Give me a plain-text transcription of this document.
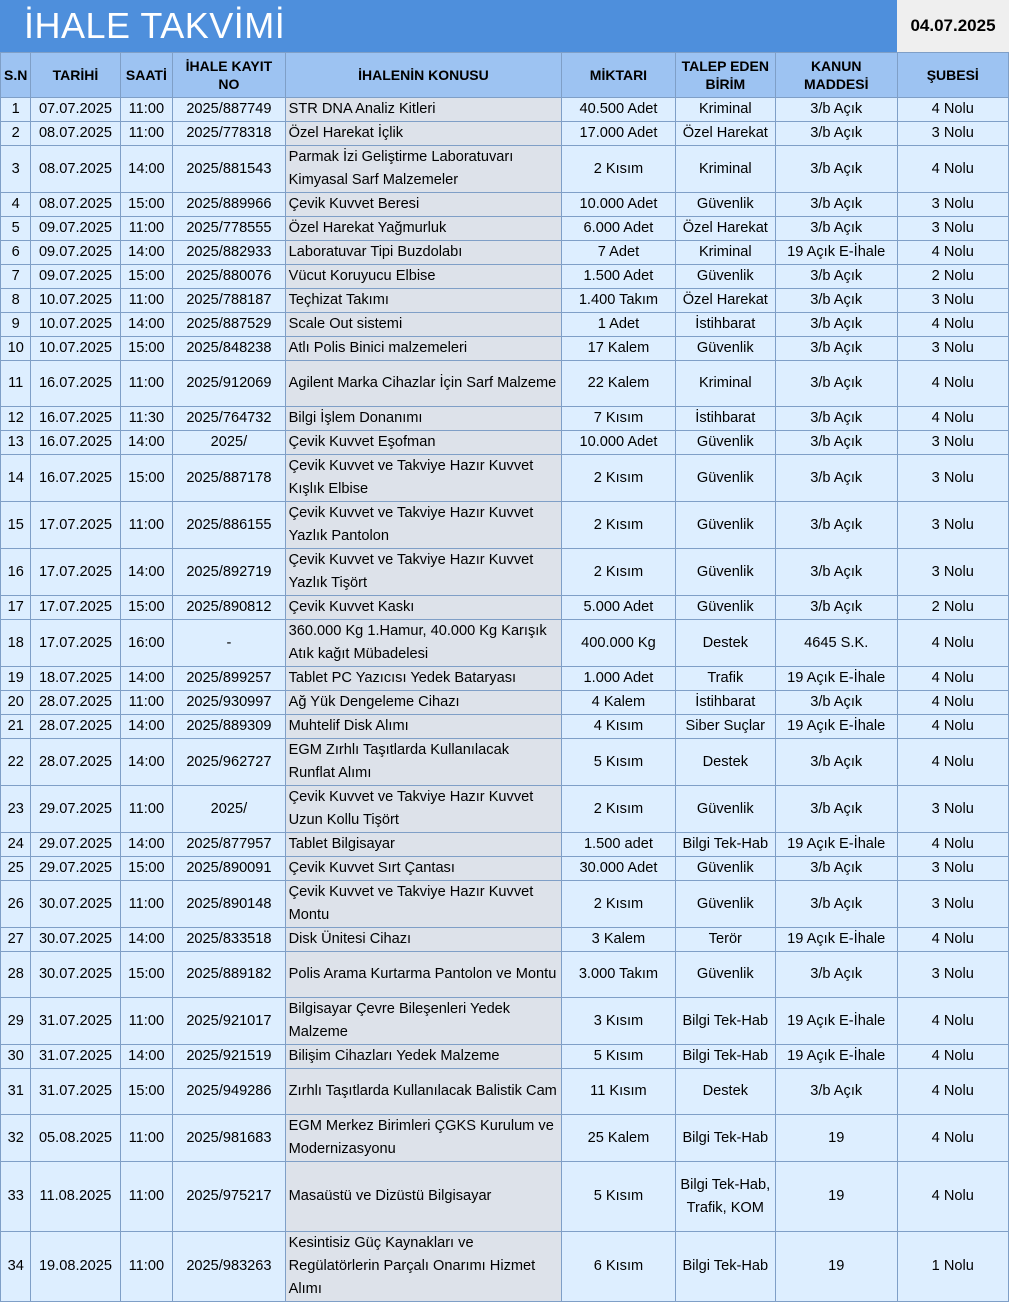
İHALE TAKVİMİ	04.07.2025
S.N	TARİHİ	SAATİ	İHALE KAYIT NO	İHALENİN KONUSU	MİKTARI	TALEP EDEN BİRİM	KANUN MADDESİ	ŞUBESİ
1	07.07.2025	11:00	2025/887749	STR DNA Analiz Kitleri	40.500 Adet	Kriminal	3/b Açık	4 Nolu
2	08.07.2025	11:00	2025/778318	Özel Harekat İçlik	17.000 Adet	Özel Harekat	3/b Açık	3 Nolu
3	08.07.2025	14:00	2025/881543	Parmak İzi Geliştirme Laboratuvarı Kimyasal Sarf Malzemeler	2 Kısım	Kriminal	3/b Açık	4 Nolu
4	08.07.2025	15:00	2025/889966	Çevik Kuvvet Beresi	10.000 Adet	Güvenlik	3/b Açık	3 Nolu
5	09.07.2025	11:00	2025/778555	Özel Harekat Yağmurluk	6.000 Adet	Özel Harekat	3/b Açık	3 Nolu
6	09.07.2025	14:00	2025/882933	Laboratuvar Tipi Buzdolabı	7 Adet	Kriminal	19 Açık E-İhale	4 Nolu
7	09.07.2025	15:00	2025/880076	Vücut Koruyucu Elbise	1.500 Adet	Güvenlik	3/b Açık	2 Nolu
8	10.07.2025	11:00	2025/788187	Teçhizat Takımı	1.400 Takım	Özel Harekat	3/b Açık	3 Nolu
9	10.07.2025	14:00	2025/887529	Scale Out sistemi	1 Adet	İstihbarat	3/b Açık	4 Nolu
10	10.07.2025	15:00	2025/848238	Atlı Polis Binici malzemeleri	17 Kalem	Güvenlik	3/b Açık	3 Nolu
11	16.07.2025	11:00	2025/912069	Agilent Marka Cihazlar İçin Sarf Malzeme	22 Kalem	Kriminal	3/b Açık	4 Nolu
12	16.07.2025	11:30	2025/764732	Bilgi İşlem Donanımı	7 Kısım	İstihbarat	3/b Açık	4 Nolu
13	16.07.2025	14:00	2025/	Çevik Kuvvet Eşofman	10.000 Adet	Güvenlik	3/b Açık	3 Nolu
14	16.07.2025	15:00	2025/887178	Çevik Kuvvet ve Takviye Hazır Kuvvet Kışlık Elbise	2 Kısım	Güvenlik	3/b Açık	3 Nolu
15	17.07.2025	11:00	2025/886155	Çevik Kuvvet ve Takviye Hazır Kuvvet Yazlık Pantolon	2 Kısım	Güvenlik	3/b Açık	3 Nolu
16	17.07.2025	14:00	2025/892719	Çevik Kuvvet ve Takviye Hazır Kuvvet Yazlık Tişört	2 Kısım	Güvenlik	3/b Açık	3 Nolu
17	17.07.2025	15:00	2025/890812	Çevik Kuvvet Kaskı	5.000 Adet	Güvenlik	3/b Açık	2 Nolu
18	17.07.2025	16:00	-	360.000 Kg 1.Hamur, 40.000 Kg Karışık Atık kağıt Mübadelesi	400.000 Kg	Destek	4645 S.K.	4 Nolu
19	18.07.2025	14:00	2025/899257	Tablet PC Yazıcısı Yedek Bataryası	1.000 Adet	Trafik	19 Açık E-İhale	4 Nolu
20	28.07.2025	11:00	2025/930997	Ağ Yük Dengeleme Cihazı	4 Kalem	İstihbarat	3/b Açık	4 Nolu
21	28.07.2025	14:00	2025/889309	Muhtelif Disk Alımı	4 Kısım	Siber Suçlar	19 Açık E-İhale	4 Nolu
22	28.07.2025	14:00	2025/962727	EGM Zırhlı Taşıtlarda Kullanılacak Runflat Alımı	5 Kısım	Destek	3/b Açık	4 Nolu
23	29.07.2025	11:00	2025/	Çevik Kuvvet ve Takviye Hazır Kuvvet Uzun Kollu Tişört	2 Kısım	Güvenlik	3/b Açık	3 Nolu
24	29.07.2025	14:00	2025/877957	Tablet Bilgisayar	1.500 adet	Bilgi Tek-Hab	19 Açık E-İhale	4 Nolu
25	29.07.2025	15:00	2025/890091	Çevik Kuvvet Sırt Çantası	30.000 Adet	Güvenlik	3/b Açık	3 Nolu
26	30.07.2025	11:00	2025/890148	Çevik Kuvvet ve Takviye Hazır Kuvvet Montu	2 Kısım	Güvenlik	3/b Açık	3 Nolu
27	30.07.2025	14:00	2025/833518	Disk Ünitesi Cihazı	3 Kalem	Terör	19 Açık E-İhale	4 Nolu
28	30.07.2025	15:00	2025/889182	Polis Arama Kurtarma Pantolon ve Montu	3.000 Takım	Güvenlik	3/b Açık	3 Nolu
29	31.07.2025	11:00	2025/921017	Bilgisayar Çevre Bileşenleri Yedek Malzeme	3 Kısım	Bilgi Tek-Hab	19 Açık E-İhale	4 Nolu
30	31.07.2025	14:00	2025/921519	Bilişim Cihazları Yedek Malzeme	5 Kısım	Bilgi Tek-Hab	19 Açık E-İhale	4 Nolu
31	31.07.2025	15:00	2025/949286	Zırhlı Taşıtlarda Kullanılacak Balistik Cam	11 Kısım	Destek	3/b Açık	4 Nolu
32	05.08.2025	11:00	2025/981683	EGM Merkez Birimleri ÇGKS Kurulum ve Modernizasyonu	25 Kalem	Bilgi Tek-Hab	19	4 Nolu
33	11.08.2025	11:00	2025/975217	Masaüstü ve Dizüstü Bilgisayar	5 Kısım	Bilgi Tek-Hab, Trafik, KOM	19	4 Nolu
34	19.08.2025	11:00	2025/983263	Kesintisiz Güç Kaynakları ve Regülatörlerin Parçalı Onarımı Hizmet Alımı	6 Kısım	Bilgi Tek-Hab	19	1 Nolu
